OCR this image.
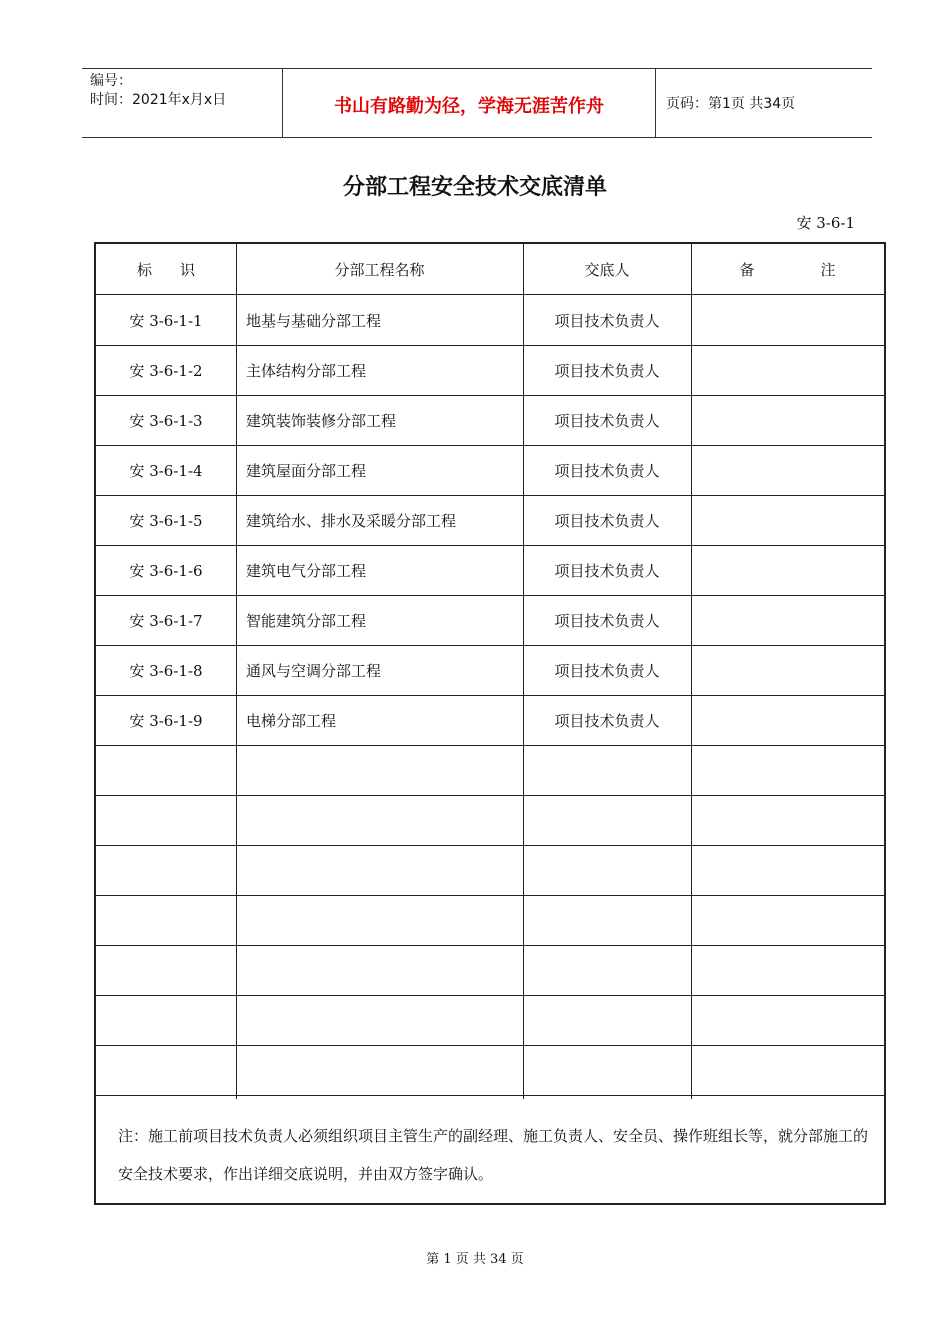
编号：
时间：2021年x月x日	书山有路勤为径，学海无涯苦作舟	页码：第1页 共34页
分部工程安全技术交底清单
安 3-6-1
标识	分部工程名称	交底人	备注
安 3-6-1-1	地基与基础分部工程	项目技术负责人
安 3-6-1-2	主体结构分部工程	项目技术负责人
安 3-6-1-3	建筑装饰装修分部工程	项目技术负责人
安 3-6-1-4	建筑屋面分部工程	项目技术负责人
安 3-6-1-5	建筑给水、排水及采暖分部工程	项目技术负责人
安 3-6-1-6	建筑电气分部工程	项目技术负责人
安 3-6-1-7	智能建筑分部工程	项目技术负责人
安 3-6-1-8	通风与空调分部工程	项目技术负责人
安 3-6-1-9	电梯分部工程	项目技术负责人
注：施工前项目技术负责人必须组织项目主管生产的副经理、施工负责人、安全员、操作班组长等，就分部施工的安全技术要求，作出详细交底说明，并由双方签字确认。
第 1 页 共 34 页
